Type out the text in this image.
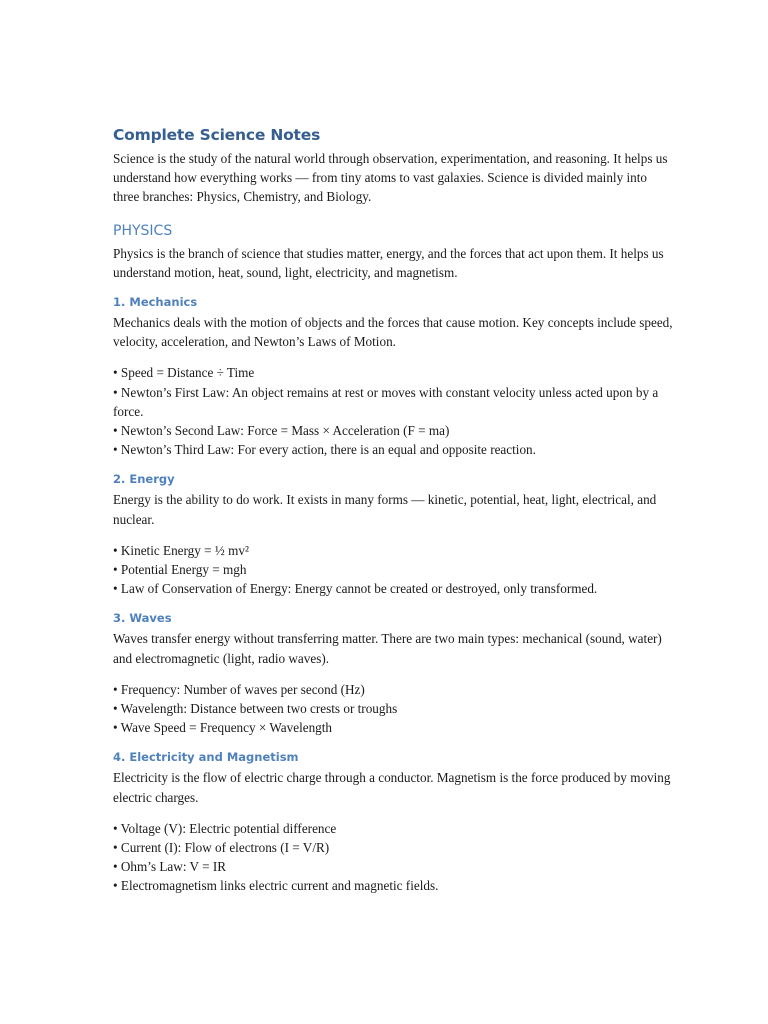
Complete Science Notes

Science is the study of the natural world through observation, experimentation, and reasoning. It helps us understand how everything works — from tiny atoms to vast galaxies. Science is divided mainly into three branches: Physics, Chemistry, and Biology.

PHYSICS

Physics is the branch of science that studies matter, energy, and the forces that act upon them. It helps us understand motion, heat, sound, light, electricity, and magnetism.

1. Mechanics

Mechanics deals with the motion of objects and the forces that cause motion. Key concepts include speed, velocity, acceleration, and Newton’s Laws of Motion.

• Speed = Distance ÷ Time
• Newton’s First Law: An object remains at rest or moves with constant velocity unless acted upon by a force.
• Newton’s Second Law: Force = Mass × Acceleration (F = ma)
• Newton’s Third Law: For every action, there is an equal and opposite reaction.
2. Energy

Energy is the ability to do work. It exists in many forms — kinetic, potential, heat, light, electrical, and nuclear.

• Kinetic Energy = ½ mv²
• Potential Energy = mgh
• Law of Conservation of Energy: Energy cannot be created or destroyed, only transformed.
3. Waves

Waves transfer energy without transferring matter. There are two main types: mechanical (sound, water) and electromagnetic (light, radio waves).

• Frequency: Number of waves per second (Hz)
• Wavelength: Distance between two crests or troughs
• Wave Speed = Frequency × Wavelength
4. Electricity and Magnetism

Electricity is the flow of electric charge through a conductor. Magnetism is the force produced by moving electric charges.

• Voltage (V): Electric potential difference
• Current (I): Flow of electrons (I = V/R)
• Ohm’s Law: V = IR
• Electromagnetism links electric current and magnetic fields.
